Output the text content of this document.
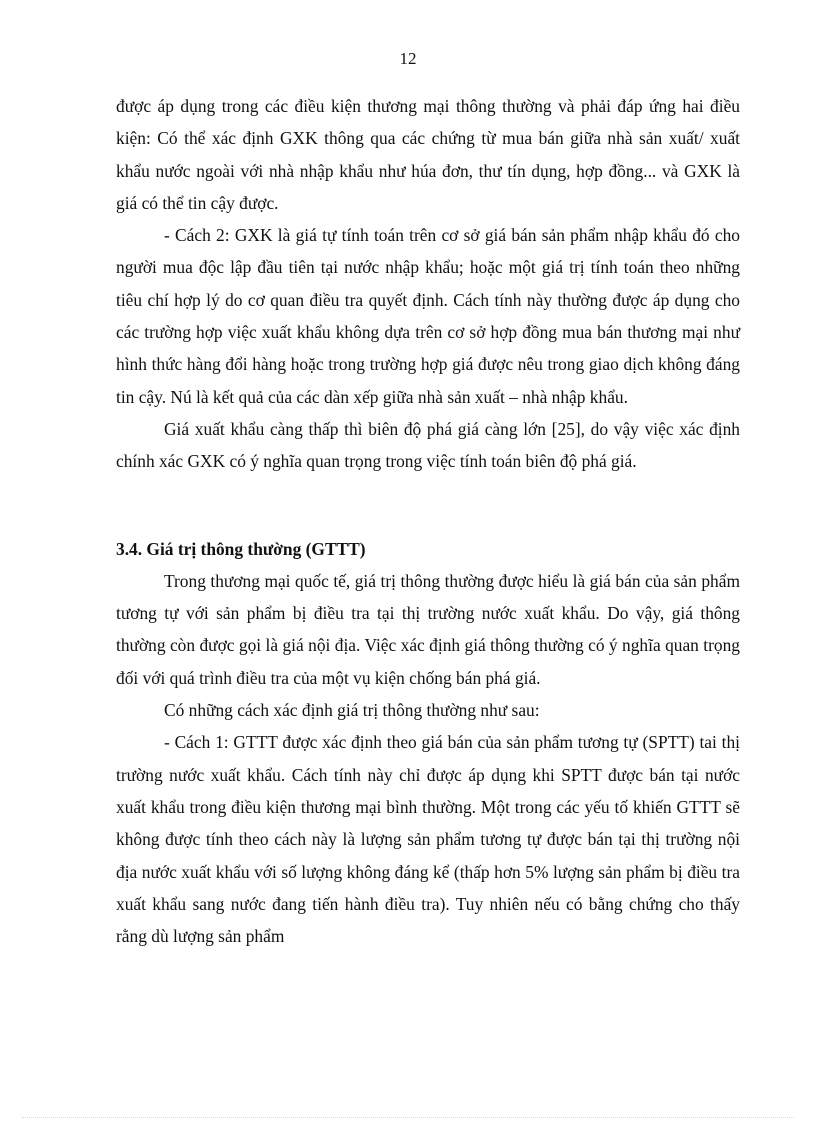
12

được áp dụng trong các điều kiện thương mại thông thường và phải đáp ứng hai điều kiện: Có thể xác định GXK thông qua các chứng từ mua bán giữa nhà sản xuất/ xuất khẩu nước ngoài với nhà nhập khẩu như húa đơn, thư tín dụng, hợp đồng... và GXK là giá có thể tin cậy được.

- Cách 2: GXK là giá tự tính toán trên cơ sở giá bán sản phẩm nhập khẩu đó cho người mua độc lập đầu tiên tại nước nhập khẩu; hoặc một giá trị tính toán theo những tiêu chí hợp lý do cơ quan điều tra quyết định. Cách tính này thường được áp dụng cho các trường hợp việc xuất khẩu không dựa trên cơ sở hợp đồng mua bán thương mại như hình thức hàng đổi hàng hoặc trong trường hợp giá được nêu trong giao dịch không đáng tin cậy. Nú là kết quả của các dàn xếp giữa nhà sản xuất – nhà nhập khẩu.

Giá xuất khẩu càng thấp thì biên độ phá giá càng lớn [25], do vậy việc xác định chính xác GXK có ý nghĩa quan trọng trong việc tính toán biên độ phá giá.

3.4. Giá trị thông thường (GTTT)

Trong thương mại quốc tế, giá trị thông thường được hiểu là giá bán của sản phẩm tương tự với sản phẩm bị điều tra tại thị trường nước xuất khẩu. Do vậy, giá thông thường còn được gọi là giá nội địa. Việc xác định giá thông thường có ý nghĩa quan trọng đối với quá trình điều tra của một vụ kiện chống bán phá giá.

Có những cách xác định giá trị thông thường như sau:

- Cách 1: GTTT được xác định theo giá bán của sản phẩm tương tự (SPTT) tai thị trường nước xuất khẩu. Cách tính này chỉ được áp dụng khi SPTT được bán tại nước xuất khẩu trong điều kiện thương mại bình thường. Một trong các yếu tố khiến GTTT sẽ không được tính theo cách này là lượng sản phẩm tương tự được bán tại thị trường nội địa nước xuất khẩu với số lượng không đáng kể (thấp hơn 5% lượng sản phẩm bị điều tra xuất khẩu sang nước đang tiến hành điều tra). Tuy nhiên nếu có bằng chứng cho thấy rằng dù lượng sản phẩm
